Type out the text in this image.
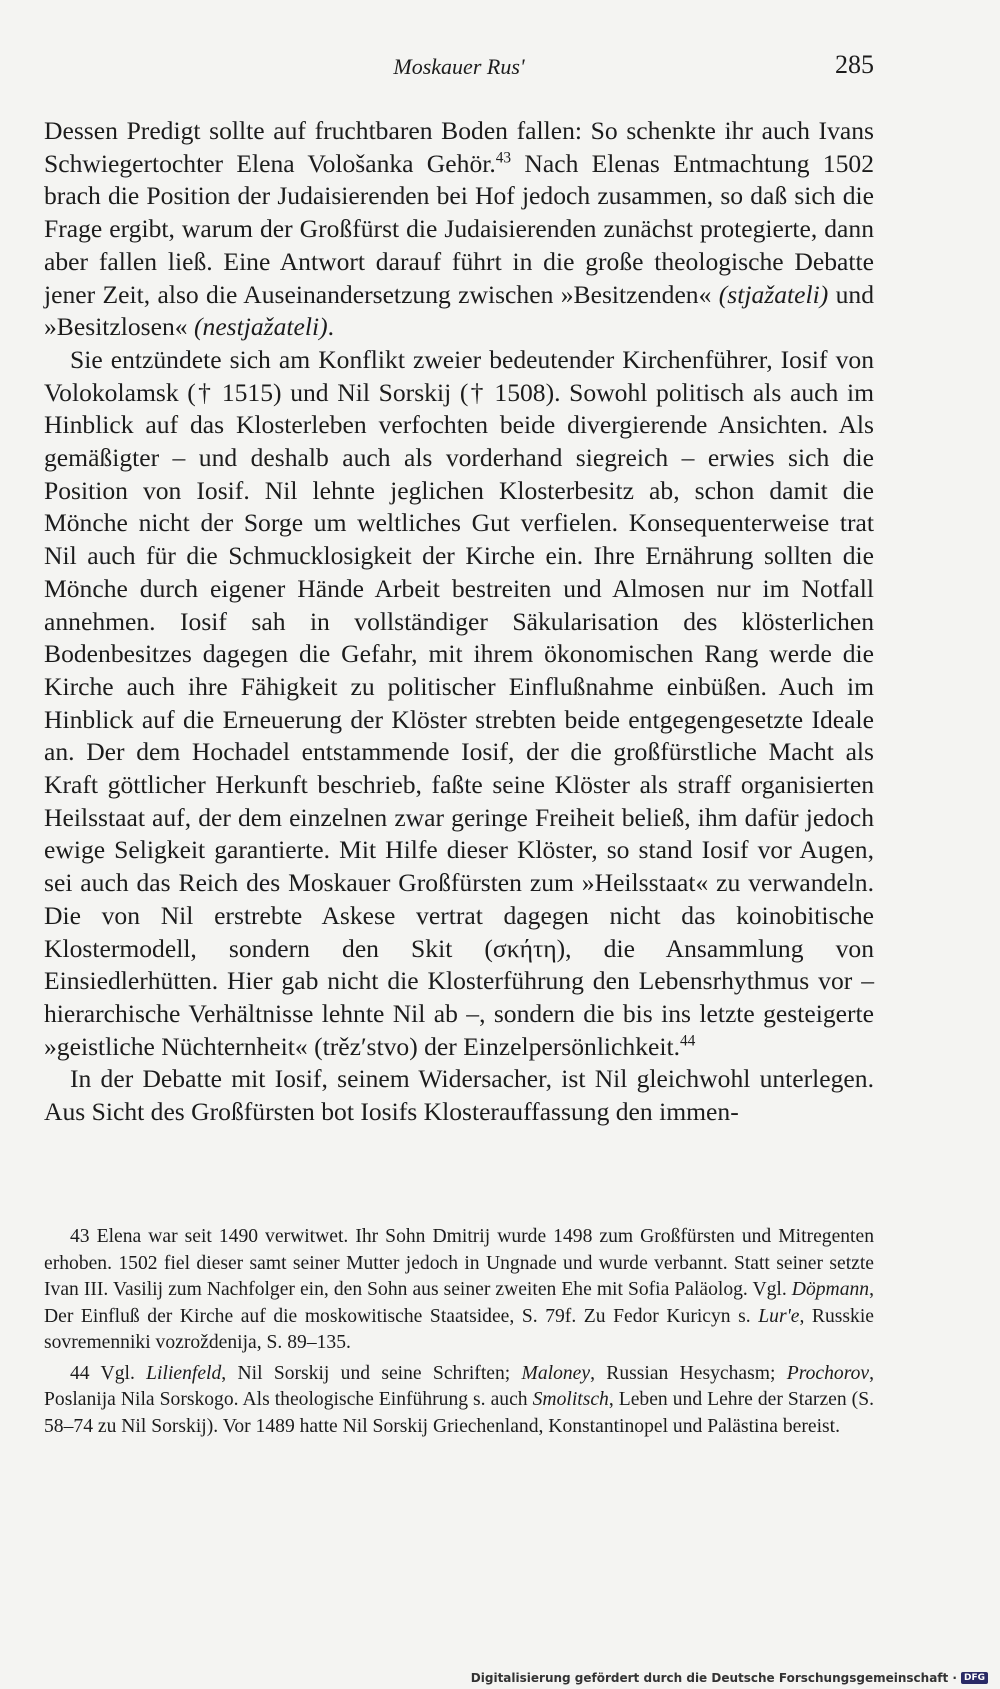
Moskauer Rus'	285

Dessen Predigt sollte auf fruchtbaren Boden fallen: So schenkte ihr auch Ivans Schwiegertochter Elena Vološanka Gehör.$^{43}$ Nach Elenas Entmachtung 1502 brach die Position der Judaisierenden bei Hof jedoch zusammen, so daß sich die Frage ergibt, warum der Großfürst die Judaisierenden zunächst protegierte, dann aber fallen ließ. Eine Antwort darauf führt in die große theologische Debatte jener Zeit, also die Auseinandersetzung zwischen »Besitzenden« (stjažateli) und »Besitzlosen« (nestjažateli).

Sie entzündete sich am Konflikt zweier bedeutender Kirchenführer, Iosif von Volokolamsk († 1515) und Nil Sorskij († 1508). Sowohl politisch als auch im Hinblick auf das Klosterleben verfochten beide divergierende Ansichten. Als gemäßigter – und deshalb auch als vorderhand siegreich – erwies sich die Position von Iosif. Nil lehnte jeglichen Klosterbesitz ab, schon damit die Mönche nicht der Sorge um weltliches Gut verfielen. Konsequenterweise trat Nil auch für die Schmucklosigkeit der Kirche ein. Ihre Ernährung sollten die Mönche durch eigener Hände Arbeit bestreiten und Almosen nur im Notfall annehmen. Iosif sah in vollständiger Säkularisation des klösterlichen Bodenbesitzes dagegen die Gefahr, mit ihrem ökonomischen Rang werde die Kirche auch ihre Fähigkeit zu politischer Einflußnahme einbüßen. Auch im Hinblick auf die Erneuerung der Klöster strebten beide entgegengesetzte Ideale an. Der dem Hochadel entstammende Iosif, der die großfürstliche Macht als Kraft göttlicher Herkunft beschrieb, faßte seine Klöster als straff organisierten Heilsstaat auf, der dem einzelnen zwar geringe Freiheit beließ, ihm dafür jedoch ewige Seligkeit garantierte. Mit Hilfe dieser Klöster, so stand Iosif vor Augen, sei auch das Reich des Moskauer Großfürsten zum »Heilsstaat« zu verwandeln. Die von Nil erstrebte Askese vertrat dagegen nicht das koinobitische Klostermodell, sondern den Skit (σκήτη), die Ansammlung von Einsiedlerhütten. Hier gab nicht die Klosterführung den Lebensrhythmus vor – hierarchische Verhältnisse lehnte Nil ab –, sondern die bis ins letzte gesteigerte »geistliche Nüchternheit« (trězʹstvo) der Einzelpersönlichkeit.$^{44}$

In der Debatte mit Iosif, seinem Widersacher, ist Nil gleichwohl unterlegen. Aus Sicht des Großfürsten bot Iosifs Klosterauffassung den immen-

43 Elena war seit 1490 verwitwet. Ihr Sohn Dmitrij wurde 1498 zum Großfürsten und Mitregenten erhoben. 1502 fiel dieser samt seiner Mutter jedoch in Ungnade und wurde verbannt. Statt seiner setzte Ivan III. Vasilij zum Nachfolger ein, den Sohn aus seiner zweiten Ehe mit Sofia Paläolog. Vgl. Döpmann, Der Einfluß der Kirche auf die moskowitische Staatsidee, S. 79f. Zu Fedor Kuricyn s. Lur'e, Russkie sovremenniki vozroždenija, S. 89–135.

44 Vgl. Lilienfeld, Nil Sorskij und seine Schriften; Maloney, Russian Hesychasm; Prochorov, Poslanija Nila Sorskogo. Als theologische Einführung s. auch Smolitsch, Leben und Lehre der Starzen (S. 58–74 zu Nil Sorskij). Vor 1489 hatte Nil Sorskij Griechenland, Konstantinopel und Palästina bereist.

Digitalisierung gefördert durch die Deutsche Forschungsgemeinschaft · DFG
